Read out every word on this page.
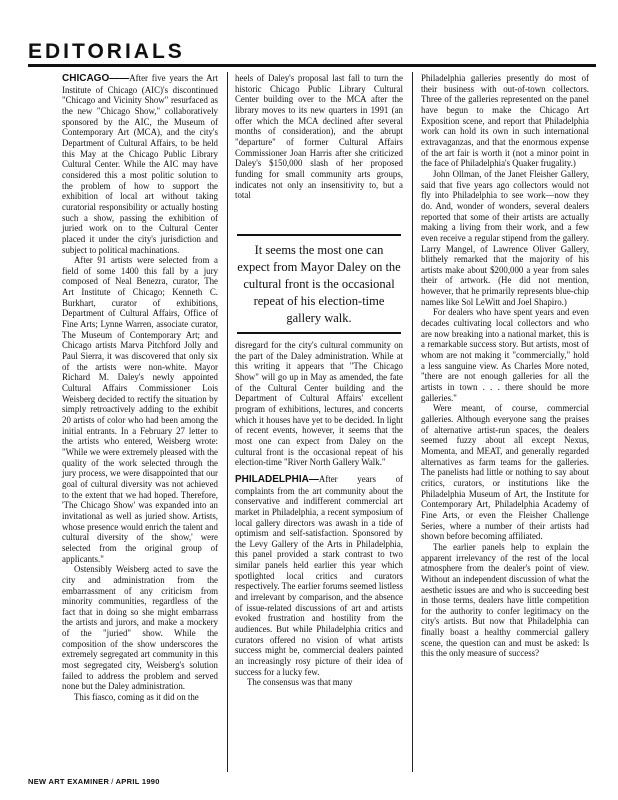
EDITORIALS

CHICAGO——After five years the Art Institute of Chicago (AIC)'s discontinued "Chicago and Vicinity Show" resurfaced as the new "Chicago Show," collaboratively sponsored by the AIC, the Museum of Contemporary Art (MCA), and the city's Department of Cultural Affairs, to be held this May at the Chicago Public Library Cultural Center. While the AIC may have considered this a most politic solution to the problem of how to support the exhibition of local art without taking curatorial responsibility or actually hosting such a show, passing the exhibition of juried work on to the Cultural Center placed it under the city's jurisdiction and subject to political machinations.

After 91 artists were selected from a field of some 1400 this fall by a jury composed of Neal Benezra, curator, The Art Institute of Chicago; Kenneth C. Burkhart, curator of exhibitions, Department of Cultural Affairs, Office of Fine Arts; Lynne Warren, associate curator, The Museum of Contemporary Art; and Chicago artists Marva Pitchford Jolly and Paul Sierra, it was discovered that only six of the artists were non-white. Mayor Richard M. Daley's newly appointed Cultural Affairs Commissioner Lois Weisberg decided to rectify the situation by simply retroactively adding to the exhibit 20 artists of color who had been among the initial entrants. In a February 27 letter to the artists who entered, Weisberg wrote: "While we were extremely pleased with the quality of the work selected through the jury process, we were disappointed that our goal of cultural diversity was not achieved to the extent that we had hoped. Therefore, 'The Chicago Show' was expanded into an invitational as well as juried show. Artists, whose presence would enrich the talent and cultural diversity of the show,' were selected from the original group of applicants."

Ostensibly Weisberg acted to save the city and administration from the embarrassment of any criticism from minority communities, regardless of the fact that in doing so she might embarrass the artists and jurors, and make a mockery of the "juried" show. While the composition of the show underscores the extremely segregated art community in this most segregated city, Weisberg's solution failed to address the problem and served none but the Daley administration.

This fiasco, coming as it did on the

heels of Daley's proposal last fall to turn the historic Chicago Public Library Cultural Center building over to the MCA after the library moves to its new quarters in 1991 (an offer which the MCA declined after several months of consideration), and the abrupt "departure" of former Cultural Affairs Commissioner Joan Harris after she criticized Daley's $150,000 slash of her proposed funding for small community arts groups, indicates not only an insensitivity to, but a total

It seems the most one can expect from Mayor Daley on the cultural front is the occasional repeat of his election-time gallery walk.

disregard for the city's cultural community on the part of the Daley administration. While at this writing it appears that "The Chicago Show" will go up in May as amended, the fate of the Cultural Center building and the Department of Cultural Affairs' excellent program of exhibitions, lectures, and concerts which it houses have yet to be decided. In light of recent events, however, it seems that the most one can expect from Daley on the cultural front is the occasional repeat of his election-time "River North Gallery Walk."

PHILADELPHIA—After years of complaints from the art community about the conservative and indifferent commercial art market in Philadelphia, a recent symposium of local gallery directors was awash in a tide of optimism and self-satisfaction. Sponsored by the Levy Gallery of the Arts in Philadelphia, this panel provided a stark contrast to two similar panels held earlier this year which spotlighted local critics and curators respectively. The earlier forums seemed listless and irrelevant by comparison, and the absence of issue-related discussions of art and artists evoked frustration and hostility from the audiences. But while Philadelphia critics and curators offered no vision of what artists success might be, commercial dealers painted an increasingly rosy picture of their idea of success for a lucky few.

The consensus was that many

Philadelphia galleries presently do most of their business with out-of-town collectors. Three of the galleries represented on the panel have begun to make the Chicago Art Exposition scene, and report that Philadelphia work can hold its own in such international extravaganzas, and that the enormous expense of the art fair is worth it (not a minor point in the face of Philadelphia's Quaker frugality.)

John Ollman, of the Janet Fleisher Gallery, said that five years ago collectors would not fly into Philadelphia to see work—now they do. And, wonder of wonders, several dealers reported that some of their artists are actually making a living from their work, and a few even receive a regular stipend from the gallery. Larry Mangel, of Lawrence Oliver Gallery, blithely remarked that the majority of his artists make about $200,000 a year from sales their of artwork. (He did not mention, however, that he primarily represents blue-chip names like Sol LeWitt and Joel Shapiro.)

For dealers who have spent years and even decades cultivating local collectors and who are now breaking into a national market, this is a remarkable success story. But artists, most of whom are not making it "commercially," hold a less sanguine view. As Charles More noted, "there are not enough galleries for all the artists in town . . . there should be more galleries."

Were meant, of course, commercial galleries. Although everyone sang the praises of alternative artist-run spaces, the dealers seemed fuzzy about all except Nexus, Momenta, and MEAT, and generally regarded alternatives as farm teams for the galleries. The panelists had little or nothing to say about critics, curators, or institutions like the Philadelphia Museum of Art, the Institute for Contemporary Art, Philadelphia Academy of Fine Arts, or even the Fleisher Challenge Series, where a number of their artists had shown before becoming affiliated.

The earlier panels help to explain the apparent irrelevancy of the rest of the local atmosphere from the dealer's point of view. Without an independent discussion of what the aesthetic issues are and who is succeeding best in those terms, dealers have little competition for the authority to confer legitimacy on the city's artists. But now that Philadelphia can finally boast a healthy commercial gallery scene, the question can and must be asked: Is this the only measure of success?

NEW ART EXAMINER / APRIL 1990
